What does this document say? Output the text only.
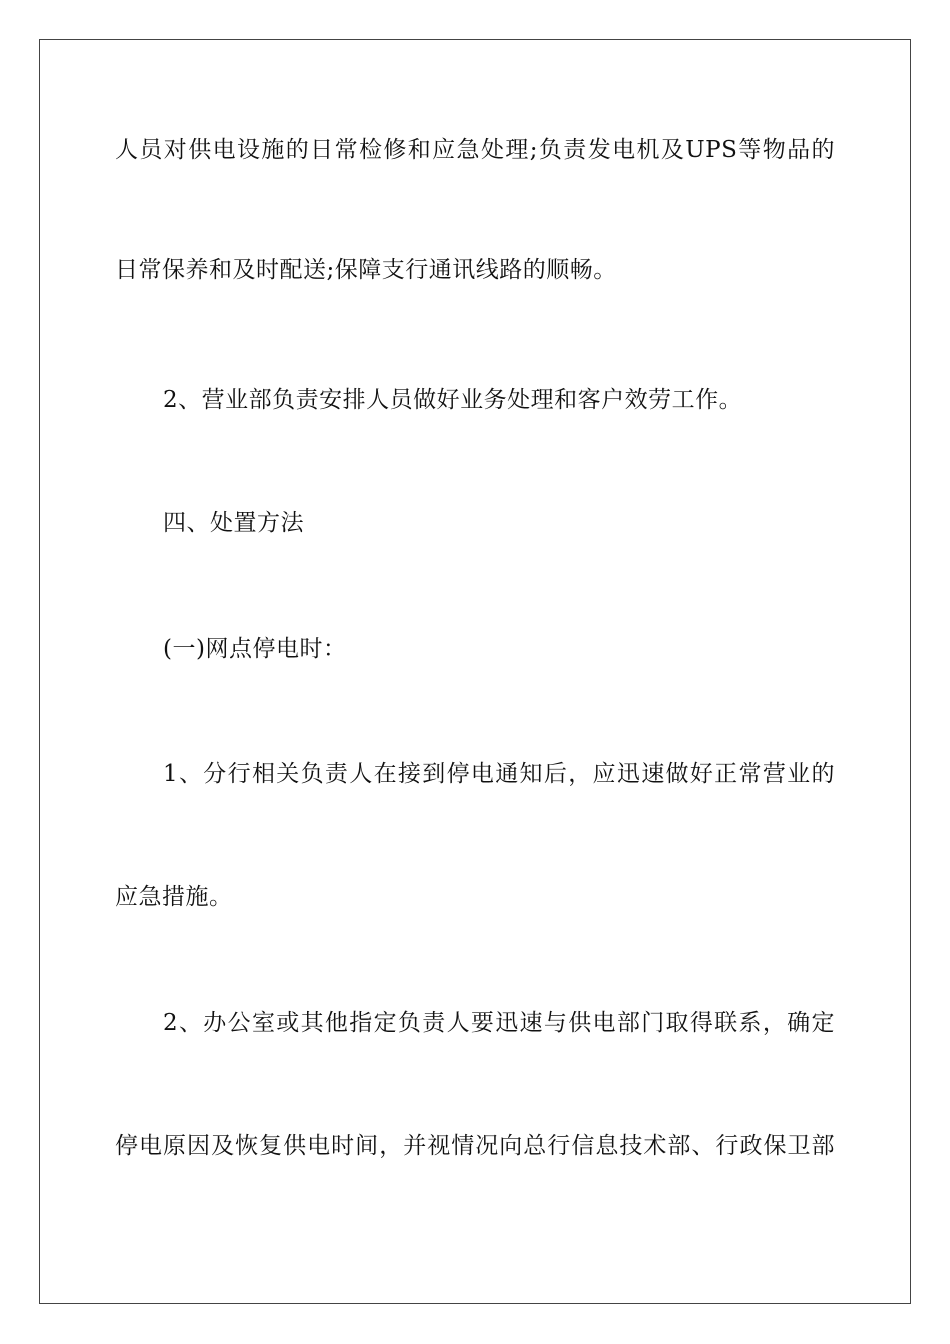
人员对供电设施的日常检修和应急处理;负责发电机及UPS等物品的
日常保养和及时配送;保障支行通讯线路的顺畅。
2、营业部负责安排人员做好业务处理和客户效劳工作。
四、处置方法
(一)网点停电时：
1、分行相关负责人在接到停电通知后，应迅速做好正常营业的
应急措施。
2、办公室或其他指定负责人要迅速与供电部门取得联系，确定
停电原因及恢复供电时间，并视情况向总行信息技术部、行政保卫部
